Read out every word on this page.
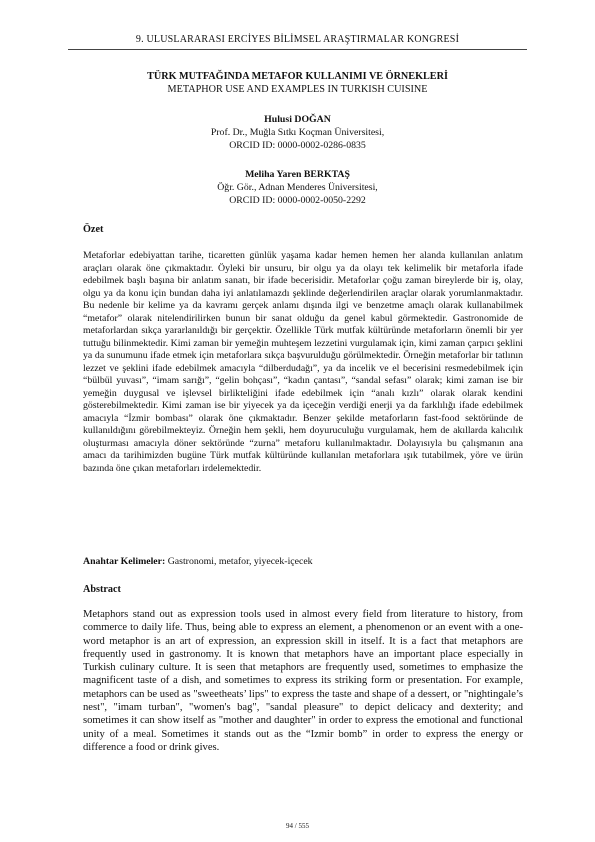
9. ULUSLARARASI ERCİYES BİLİMSEL ARAŞTIRMALAR KONGRESİ
TÜRK MUTFAĞINDA METAFOR KULLANIMI VE ÖRNEKLERİ
METAPHOR USE AND EXAMPLES IN TURKISH CUISINE
Hulusi DOĞAN
Prof. Dr., Muğla Sıtkı Koçman Üniversitesi,
ORCID ID: 0000-0002-0286-0835
Meliha Yaren BERKTAŞ
Öğr. Gör., Adnan Menderes Üniversitesi,
ORCID ID: 0000-0002-0050-2292
Özet
Metaforlar edebiyattan tarihe, ticaretten günlük yaşama kadar hemen hemen her alanda kullanılan anlatım araçları olarak öne çıkmaktadır. Öyleki bir unsuru, bir olgu ya da olayı tek kelimelik bir metaforla ifade edebilmek başlı başına bir anlatım sanatı, bir ifade becerisidir. Metaforlar çoğu zaman bireylerde bir iş, olay, olgu ya da konu için bundan daha iyi anlatılamazdı şeklinde değerlendirilen araçlar olarak yorumlanmaktadır. Bu nedenle bir kelime ya da kavramı gerçek anlamı dışında ilgi ve benzetme amaçlı olarak kullanabilmek “metafor” olarak nitelendirilirken bunun bir sanat olduğu da genel kabul görmektedir. Gastronomide de metaforlardan sıkça yararlanıldığı bir gerçektir. Özellikle Türk mutfak kültüründe metaforların önemli bir yer tuttuğu bilinmektedir. Kimi zaman bir yemeğin muhteşem lezzetini vurgulamak için, kimi zaman çarpıcı şeklini ya da sunumunu ifade etmek için metaforlara sıkça başvurulduğu görülmektedir. Örneğin metaforlar bir tatlının lezzet ve şeklini ifade edebilmek amacıyla “dilberdudağı”, ya da incelik ve el becerisini resmedebilmek için “bülbül yuvası”, “imam sarığı”, “gelin bohçası”, “kadın çantası”, “sandal sefası” olarak; kimi zaman ise bir yemeğin duygusal ve işlevsel birlikteliğini ifade edebilmek için “analı kızlı” olarak olarak kendini gösterebilmektedir. Kimi zaman ise bir yiyecek ya da içeceğin verdiği enerji ya da farklılığı ifade edebilmek amacıyla “İzmir bombası” olarak öne çıkmaktadır. Benzer şekilde metaforların fast-food sektöründe de kullanıldığını görebilmekteyiz. Örneğin hem şekli, hem doyuruculuğu vurgulamak, hem de akıllarda kalıcılık oluşturması amacıyla döner sektöründe “zurna” metaforu kullanılmaktadır. Dolayısıyla bu çalışmanın ana amacı da tarihimizden bugüne Türk mutfak kültüründe kullanılan metaforlara ışık tutabilmek, yöre ve ürün bazında öne çıkan metaforları irdelemektedir.
Anahtar Kelimeler: Gastronomi, metafor, yiyecek-içecek
Abstract
Metaphors stand out as expression tools used in almost every field from literature to history, from commerce to daily life. Thus, being able to express an element, a phenomenon or an event with a one-word metaphor is an art of expression, an expression skill in itself. It is a fact that metaphors are frequently used in gastronomy. It is known that metaphors have an important place especially in Turkish culinary culture. It is seen that metaphors are frequently used, sometimes to emphasize the magnificent taste of a dish, and sometimes to express its striking form or presentation. For example, metaphors can be used as "sweetheats’ lips" to express the taste and shape of a dessert, or "nightingale’s nest", "imam turban", "women's bag", "sandal pleasure" to depict delicacy and dexterity; and sometimes it can show itself as "mother and daughter" in order to express the emotional and functional unity of a meal. Sometimes it stands out as the “Izmir bomb” in order to express the energy or difference a food or drink gives.
94 / 555
